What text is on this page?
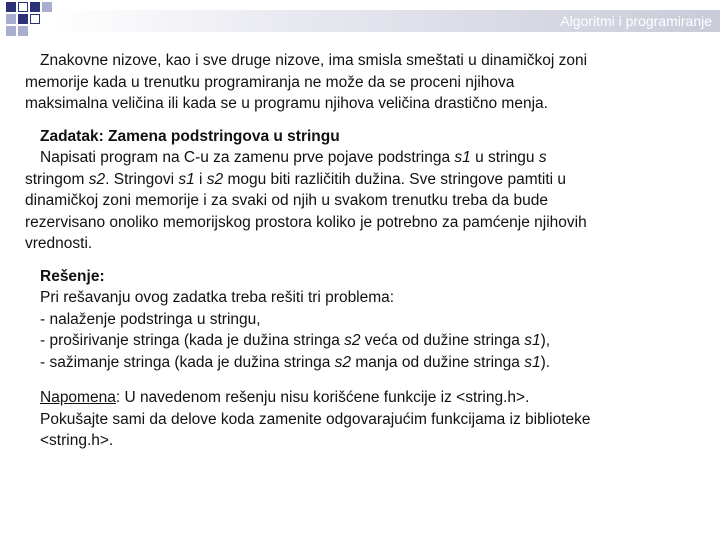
Algoritmi i programiranje
Znakovne nizove, kao i sve druge nizove, ima smisla smeštati u dinamičkoj zoni
memorije kada u trenutku programiranja ne može da se proceni njihova
maksimalna veličina ili kada se u programu njihova veličina drastično menja.
Zadatak: Zamena podstringova u stringu
Napisati program na C-u za zamenu prve pojave podstringa s1 u stringu s
stringom s2. Stringovi s1 i s2 mogu biti različitih dužina. Sve stringove pamtiti u
dinamičkoj zoni memorije i za svaki od njih u svakom trenutku treba da bude
rezervisano onoliko memorijskog prostora koliko je potrebno za pamćenje njihovih
vrednosti.
Rešenje:
Pri rešavanju ovog zadatka treba rešiti tri problema:
- nalaženje podstringa u stringu,
- proširivanje stringa (kada je dužina stringa s2 veća od dužine stringa s1),
- sažimanje stringa (kada je dužina stringa s2 manja od dužine stringa s1).
Napomena: U navedenom rešenju nisu korišćene funkcije iz <string.h>.
Pokušajte sami da delove koda zamenite odgovarajućim funkcijama iz biblioteke
<string.h>.
